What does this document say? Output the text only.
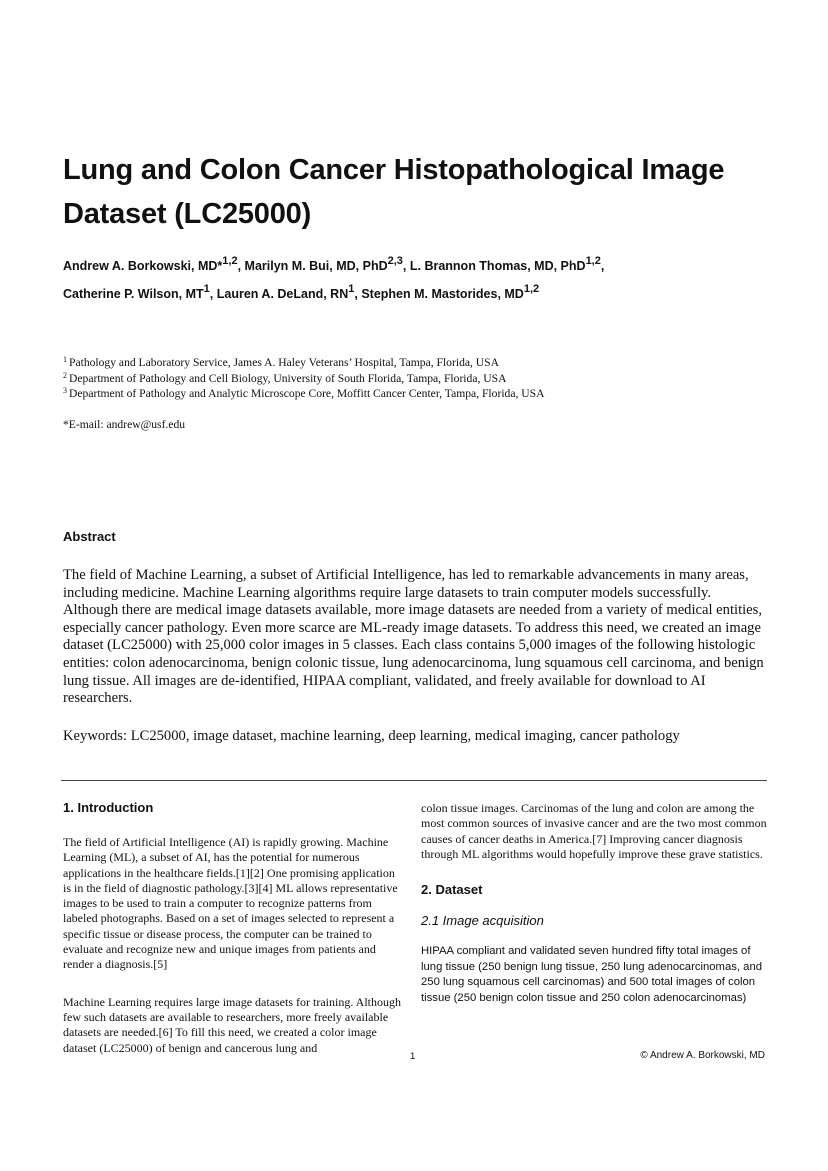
Lung and Colon Cancer Histopathological Image Dataset (LC25000)
Andrew A. Borkowski, MD*$^{1,2}$, Marilyn M. Bui, MD, PhD$^{2,3}$, L. Brannon Thomas, MD, PhD$^{1,2}$,
Catherine P. Wilson, $MT^1$, Lauren A. DeLand, $RN^1$, Stephen M. Mastorides, MD$^{1,2}$
$^1$ Pathology and Laboratory Service, James A. Haley Veterans’ Hospital, Tampa, Florida, USA
$^2$ Department of Pathology and Cell Biology, University of South Florida, Tampa, Florida, USA
$^3$ Department of Pathology and Analytic Microscope Core, Moffitt Cancer Center, Tampa, Florida, USA
*E-mail: andrew@usf.edu
Abstract
The field of Machine Learning, a subset of Artificial Intelligence, has led to remarkable advancements in many areas, including medicine. Machine Learning algorithms require large datasets to train computer models successfully. Although there are medical image datasets available, more image datasets are needed from a variety of medical entities, especially cancer pathology. Even more scarce are ML-ready image datasets. To address this need, we created an image dataset (LC25000) with 25,000 color images in 5 classes. Each class contains 5,000 images of the following histologic entities: colon adenocarcinoma, benign colonic tissue, lung adenocarcinoma, lung squamous cell carcinoma, and benign lung tissue. All images are de-identified, HIPAA compliant, validated, and freely available for download to AI researchers.
Keywords: LC25000, image dataset, machine learning, deep learning, medical imaging, cancer pathology

1. Introduction

The field of Artificial Intelligence (AI) is rapidly growing. Machine Learning (ML), a subset of AI, has the potential for numerous applications in the healthcare fields.[1][2] One promising application is in the field of diagnostic pathology.[3][4] ML allows representative images to be used to train a computer to recognize patterns from labeled photographs. Based on a set of images selected to represent a specific tissue or disease process, the computer can be trained to evaluate and recognize new and unique images from patients and render a diagnosis.[5]

Machine Learning requires large image datasets for training. Although few such datasets are available to researchers, more freely available datasets are needed.[6] To fill this need, we created a color image dataset (LC25000) of benign and cancerous lung and

colon tissue images. Carcinomas of the lung and colon are among the most common sources of invasive cancer and are the two most common causes of cancer deaths in America.[7] Improving cancer diagnosis through ML algorithms would hopefully improve these grave statistics.

2. Dataset

2.1 Image acquisition

HIPAA compliant and validated seven hundred fifty total images of lung tissue (250 benign lung tissue, 250 lung adenocarcinomas, and 250 lung squamous cell carcinomas) and 500 total images of colon tissue (250 benign colon tissue and 250 colon adenocarcinomas)

1	© Andrew A. Borkowski, MD
